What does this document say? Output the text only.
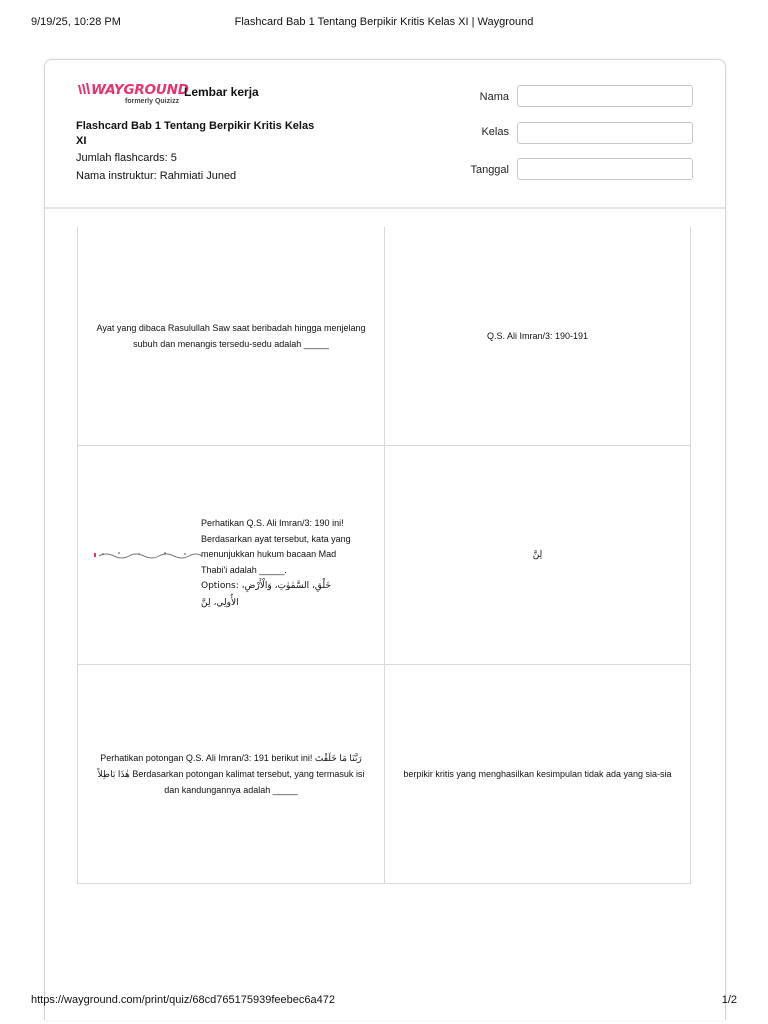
9/19/25, 10:28 PM	Flashcard Bab 1 Tentang Berpikir Kritis Kelas XI | Wayground
WAYGROUND
formerly Quizizz
Lembar kerja
Flashcard Bab 1 Tentang Berpikir Kritis Kelas XI
Jumlah flashcards: 5
Nama instruktur: Rahmiati Juned
Nama
Kelas
Tanggal
Ayat yang dibaca Rasulullah Saw saat beribadah hingga menjelang subuh dan menangis tersedu-sedu adalah _____
Q.S. Ali Imran/3: 190-191
Perhatikan Q.S. Ali Imran/3: 190 ini! Berdasarkan ayat tersebut, kata yang menunjukkan hukum bacaan Mad Thabi'i adalah _____.
Options: خَلْقِ، السَّمٰوٰتِ، وَالْأَرْضِ، الأُولِي، لِنَّ
لِنَّ
Perhatikan potongan Q.S. Ali Imran/3: 191 berikut ini! رَبَّنَا مَا خَلَقْتَ هٰذَا بَاطِلاً Berdasarkan potongan kalimat tersebut, yang termasuk isi dan kandungannya adalah _____
berpikir kritis yang menghasilkan kesimpulan tidak ada yang sia-sia
https://wayground.com/print/quiz/68cd765175939feebec6a472	1/2
